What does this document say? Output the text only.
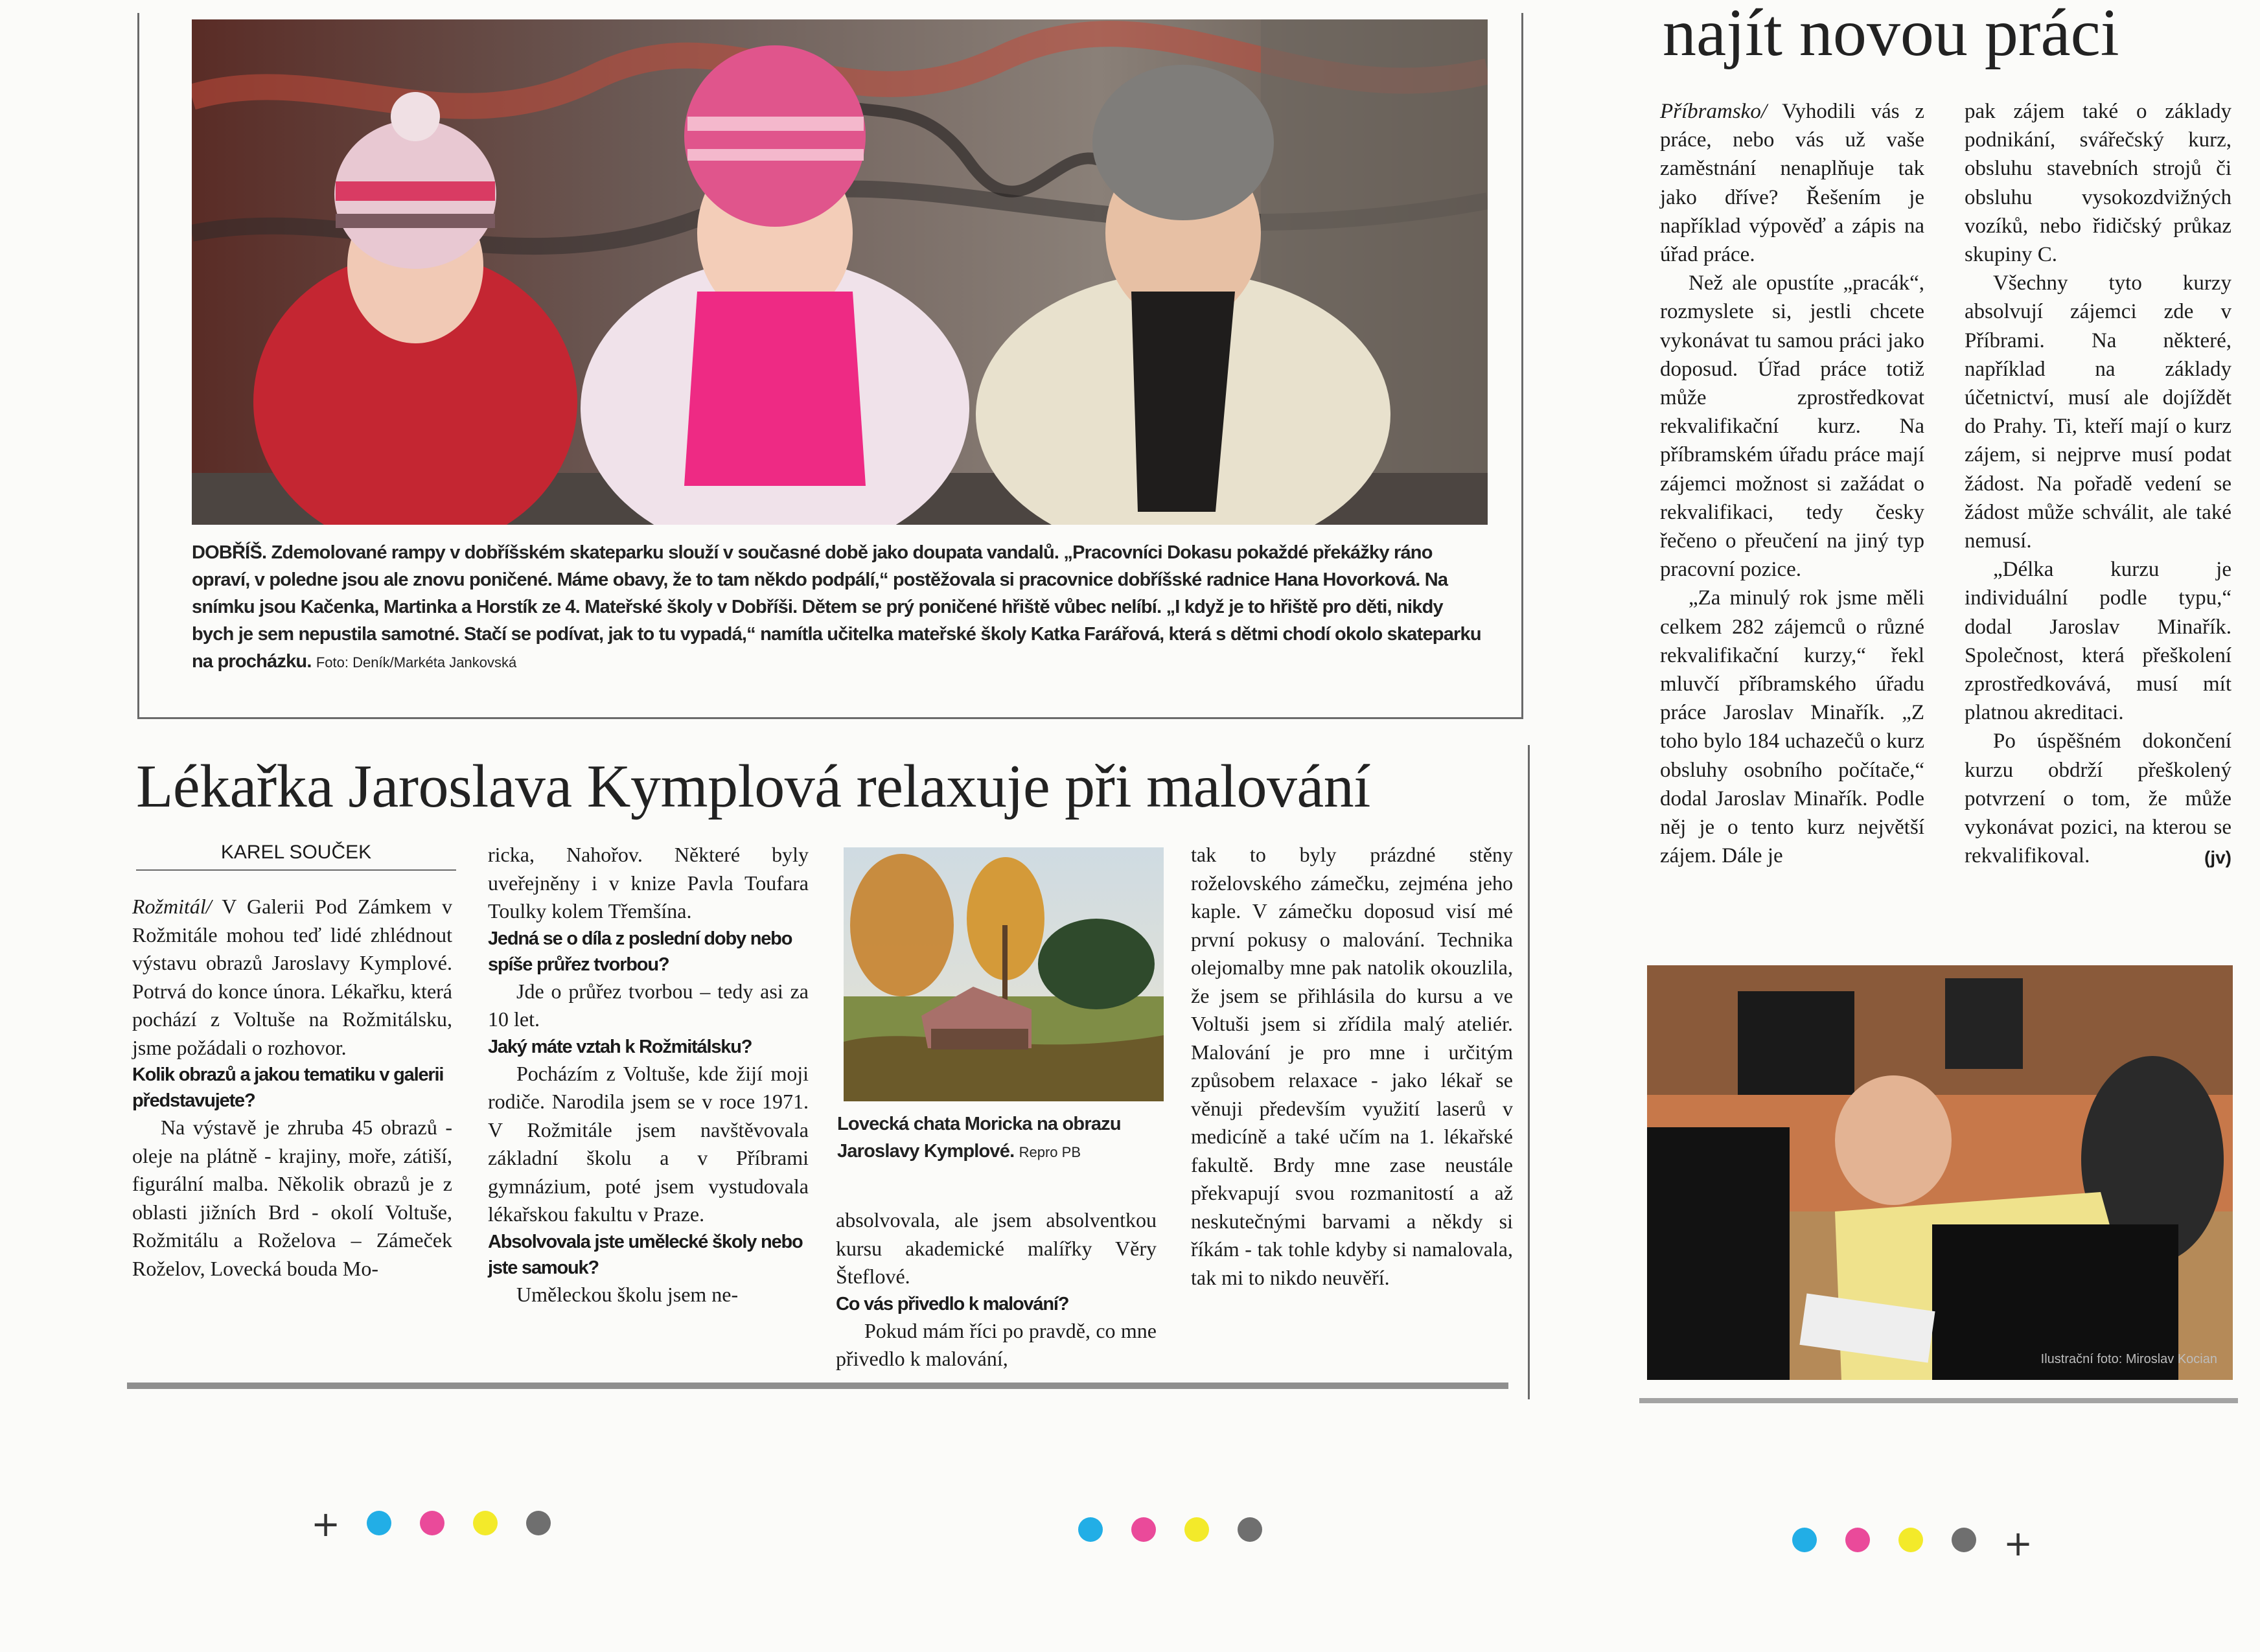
DOBŘÍŠ. Zdemolované rampy v dobříšském skateparku slouží v současné době jako doupata vandalů. „Pracovníci Dokasu pokaždé překážky ráno opraví, v poledne jsou ale znovu poničené. Máme obavy, že to tam někdo podpálí,“ postěžovala si pracovnice dobříšské radnice Hana Hovorková. Na snímku jsou Kačenka, Martinka a Horstík ze 4. Mateřské školy v Dobříši. Dětem se prý poničené hřiště vůbec nelíbí. „I když je to hřiště pro děti, nikdy bych je sem nepustila samotné. Stačí se podívat, jak to tu vypadá,“ namítla učitelka mateřské školy Katka Farářová, která s dětmi chodí okolo skateparku na procházku. Foto: Deník/Markéta Jankovská
Lékařka Jaroslava Kymplová relaxuje při malování
KAREL SOUČEK

Rožmitál/ V Galerii Pod Zámkem v Rožmitále mohou teď lidé zhlédnout výstavu obrazů Jaroslavy Kymplové. Potrvá do konce února. Lékařku, která pochází z Voltuše na Rožmitálsku, jsme požádali o rozhovor.

Kolik obrazů a jakou tematiku v galerii představujete?

Na výstavě je zhruba 45 obrazů - oleje na plátně - krajiny, moře, zátiší, figurální malba. Několik obrazů je z oblasti jižních Brd - okolí Voltuše, Rožmitálu a Roželova – Zámeček Roželov, Lovecká bouda Mo-

ricka, Nahořov. Některé byly uveřejněny i v knize Pavla Toufara Toulky kolem Třemšína.

Jedná se o díla z poslední doby nebo spíše průřez tvorbou?

Jde o průřez tvorbou – tedy asi za 10 let.

Jaký máte vztah k Rožmitálsku?

Pocházím z Voltuše, kde žijí moji rodiče. Narodila jsem se v roce 1971. V Rožmitále jsem navštěvovala základní školu a v Příbrami gymnázium, poté jsem vystudovala lékařskou fakultu v Praze.

Absolvovala jste umělecké školy nebo jste samouk?

Uměleckou školu jsem ne-

Lovecká chata Moricka na obrazu Jaroslavy Kymplové. Repro PB

absolvovala, ale jsem absolventkou kursu akademické malířky Věry Šteflové.

Co vás přivedlo k malování?

Pokud mám říci po pravdě, co mne přivedlo k malování,

tak to byly prázdné stěny roželovského zámečku, zejména jeho kaple. V zámečku doposud visí mé první pokusy o malování. Technika olejomalby mne pak natolik okouzlila, že jsem se přihlásila do kursu a ve Voltuši jsem si zřídila malý ateliér. Malování je pro mne i určitým způsobem relaxace - jako lékař se věnuji především využití laserů v medicíně a také učím na 1. lékařské fakultě. Brdy mne zase neustále překvapují svou rozmanitostí a až neskutečnými barvami a někdy si říkám - tak tohle kdyby si namalovala, tak mi to nikdo neuvěří.

najít novou práci

Příbramsko/ Vyhodili vás z práce, nebo vás už vaše zaměstnání nenaplňuje tak jako dříve? Řešením je například výpověď a zápis na úřad práce.

Než ale opustíte „pracák“, rozmyslete si, jestli chcete vykonávat tu samou práci jako doposud. Úřad práce totiž může zprostředkovat rekvalifikační kurz. Na příbramském úřadu práce mají zájemci možnost si zažádat o rekvalifikaci, tedy česky řečeno o přeučení na jiný typ pracovní pozice.

„Za minulý rok jsme měli celkem 282 zájemců o různé rekvalifikační kurzy,“ řekl mluvčí příbramského úřadu práce Jaroslav Minařík. „Z toho bylo 184 uchazečů o kurz obsluhy osobního počítače,“ dodal Jaroslav Minařík. Podle něj je o tento kurz největší zájem. Dále je

pak zájem také o základy podnikání, svářečský kurz, obsluhu stavebních strojů či obsluhu vysokozdvižných vozíků, nebo řidičský průkaz skupiny C.

Všechny tyto kurzy absolvují zájemci zde v Příbrami. Na některé, například na základy účetnictví, musí ale dojíždět do Prahy. Ti, kteří mají o kurz zájem, si nejprve musí podat žádost. Na pořadě vedení se žádost může schválit, ale také nemusí.

„Délka kurzu je individuální podle typu,“ dodal Jaroslav Minařík. Společnost, která přeškolení zprostředkovává, musí mít platnou akreditaci.

Po úspěšném dokončení kurzu obdrží přeškolený potvrzení o tom, že může vykonávat pozici, na kterou se rekvalifikoval.	(jv)

Ilustrační foto: Miroslav Kocian
+	+
